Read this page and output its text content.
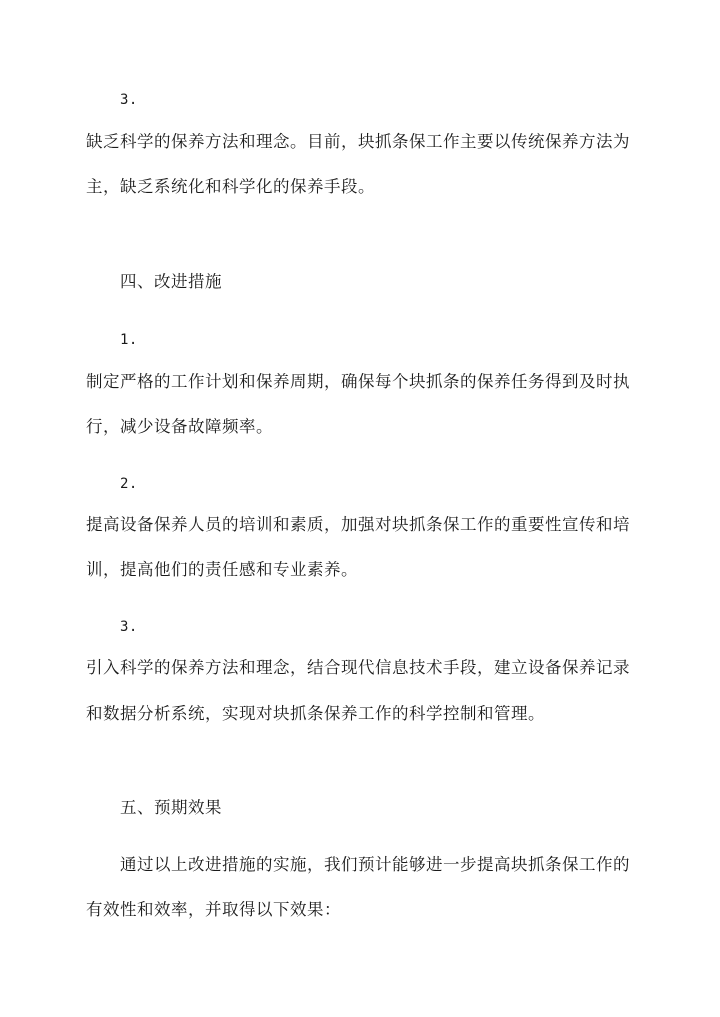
3.
缺乏科学的保养方法和理念。目前，块抓条保工作主要以传统保养方法为
主，缺乏系统化和科学化的保养手段。
四、改进措施
1.
制定严格的工作计划和保养周期，确保每个块抓条的保养任务得到及时执
行，减少设备故障频率。
2.
提高设备保养人员的培训和素质，加强对块抓条保工作的重要性宣传和培
训，提高他们的责任感和专业素养。
3.
引入科学的保养方法和理念，结合现代信息技术手段，建立设备保养记录
和数据分析系统，实现对块抓条保养工作的科学控制和管理。
五、预期效果
通过以上改进措施的实施，我们预计能够进一步提高块抓条保工作的
有效性和效率，并取得以下效果：
